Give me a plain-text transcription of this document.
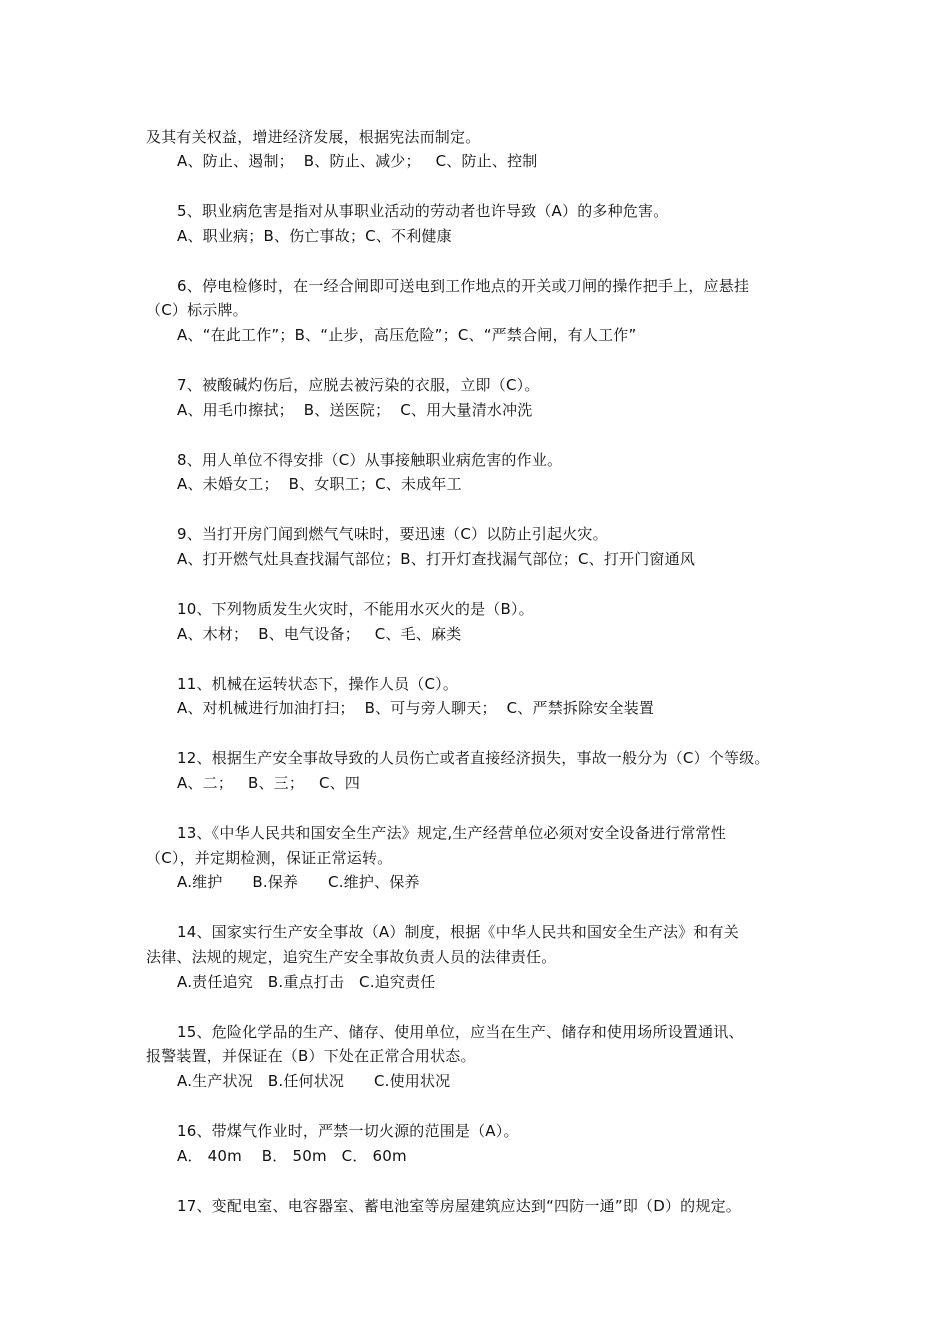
及其有关权益，增进经济发展，根据宪法而制定。
A、防止、遏制；  B、防止、减少；   C、防止、控制
5、职业病危害是指对从事职业活动的劳动者也许导致（A）的多种危害。
A、职业病；B、伤亡事故；C、不利健康
6、停电检修时，在一经合闸即可送电到工作地点的开关或刀闸的操作把手上，应悬挂
（C）标示牌。
A、“在此工作”；B、“止步，高压危险”；C、“严禁合闸，有人工作”
7、被酸碱灼伤后，应脱去被污染的衣服，立即（C）。
A、用毛巾擦拭；  B、送医院；  C、用大量清水冲洗
8、用人单位不得安排（C）从事接触职业病危害的作业。
A、未婚女工；  B、女职工；C、未成年工
9、当打开房门闻到燃气气味时，要迅速（C）以防止引起火灾。
A、打开燃气灶具查找漏气部位；B、打开灯查找漏气部位；C、打开门窗通风
10、下列物质发生火灾时，不能用水灭火的是（B）。
A、木材；  B、电气设备；   C、毛、麻类
11、机械在运转状态下，操作人员（C）。
A、对机械进行加油打扫；  B、可与旁人聊天；  C、严禁拆除安全装置
12、根据生产安全事故导致的人员伤亡或者直接经济损失，事故一般分为（C）个等级。
A、二；   B、三；   C、四
13、《中华人民共和国安全生产法》规定,生产经营单位必须对安全设备进行常常性
（C），并定期检测，保证正常运转。
A.维护      B.保养      C.维护、保养
14、国家实行生产安全事故（A）制度，根据《中华人民共和国安全生产法》和有关
法律、法规的规定，追究生产安全事故负责人员的法律责任。
A.责任追究   B.重点打击   C.追究责任
15、危险化学品的生产、储存、使用单位，应当在生产、储存和使用场所设置通讯、
报警装置，并保证在（B）下处在正常合用状态。
A.生产状况   B.任何状况      C.使用状况
16、带煤气作业时，严禁一切火源的范围是（A）。
A． 40m    B． 50m   C． 60m
17、变配电室、电容器室、蓄电池室等房屋建筑应达到“四防一通”即（D）的规定。
